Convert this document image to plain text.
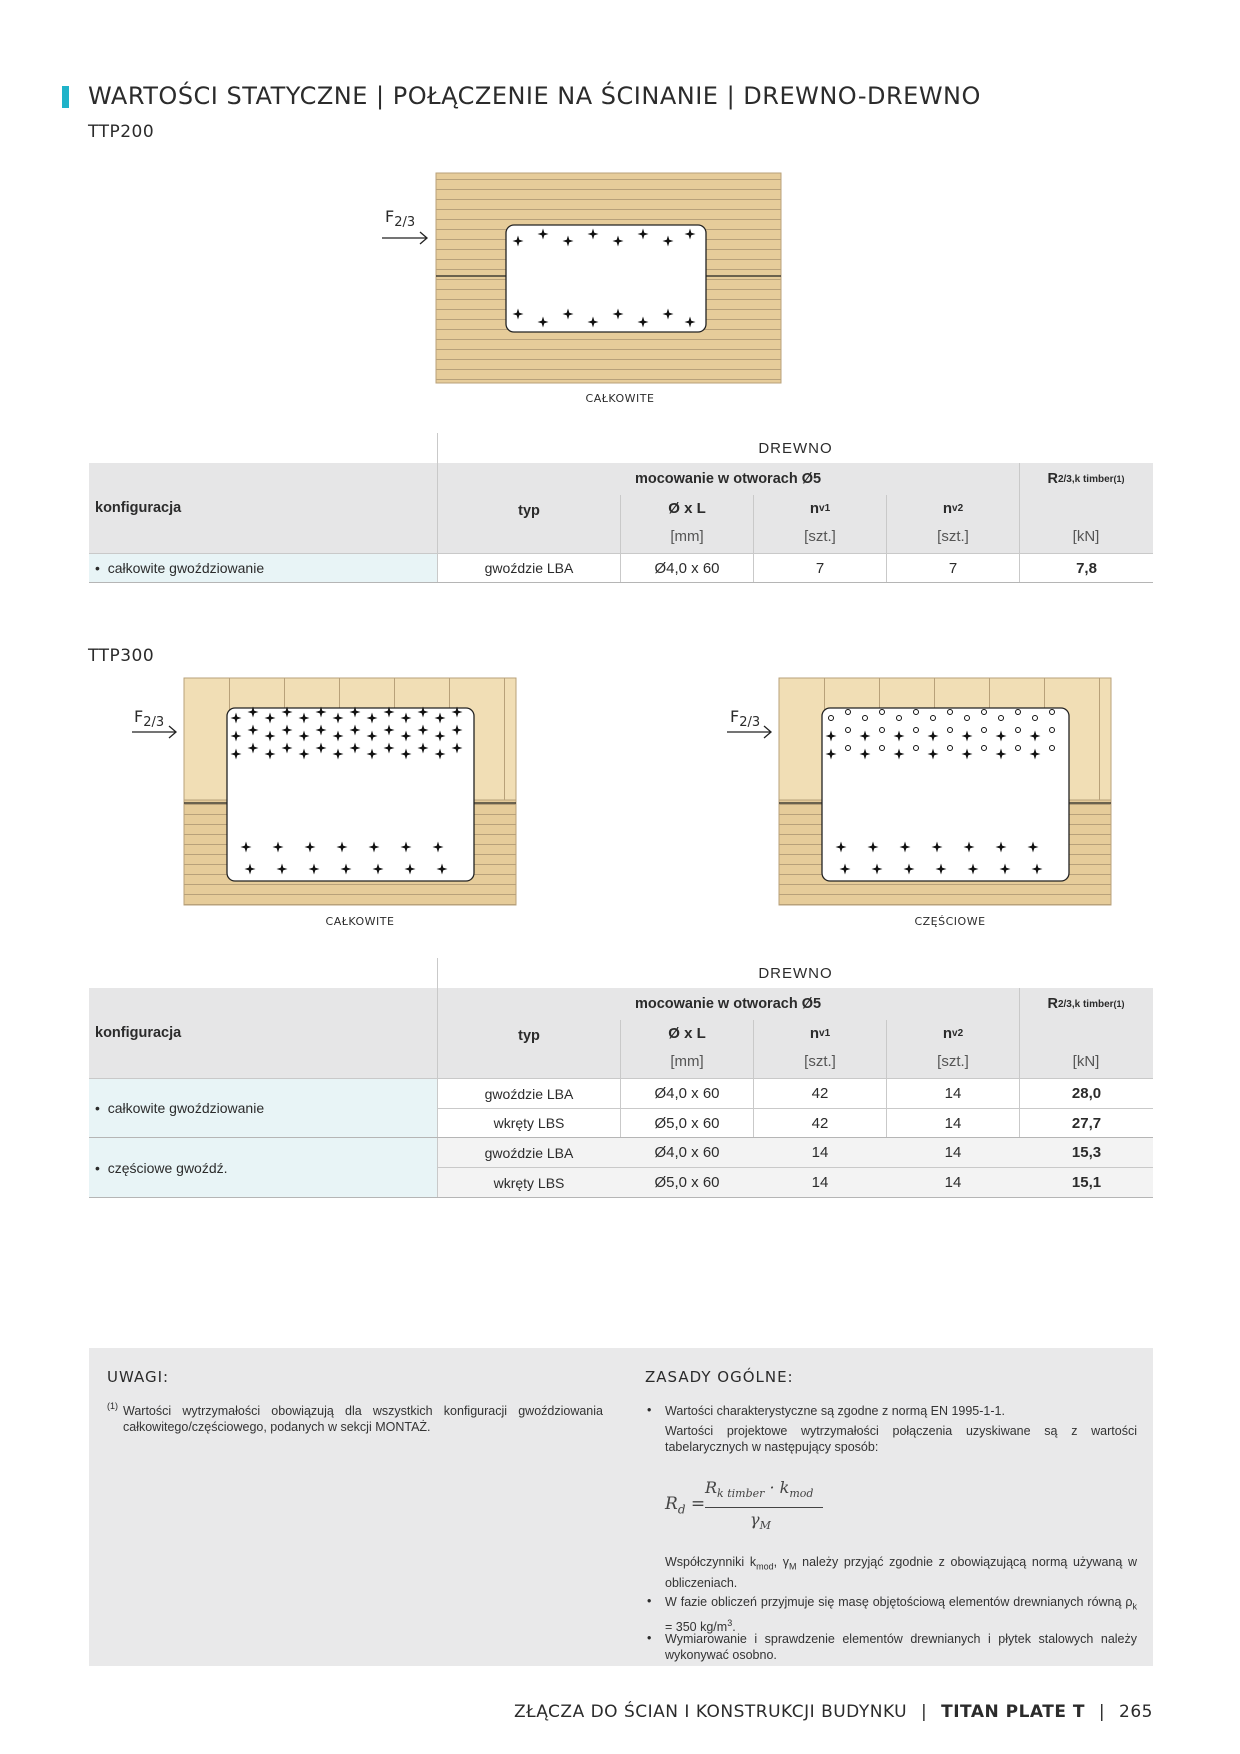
WARTOŚCI STATYCZNE | POŁĄCZENIE NA ŚCINANIE | DREWNO-DREWNO
TTP200
$F_{2/3}$
CAŁKOWITE
DREWNO
konfiguracja
mocowanie w otworach Ø5	R 2/3,k timber (1)
typ	Ø x L	n v1	n v2
[mm]	[szt.]	[szt.]	[kN]
• całkowite gwoździowanie	gwoździe LBA	Ø4,0 x 60	7	7	7,8
TTP300
$F_{2/3}$
CAŁKOWITE
$F_{2/3}$
CZĘŚCIOWE
DREWNO
konfiguracja
mocowanie w otworach Ø5	R 2/3,k timber (1)
typ	Ø x L	n v1	n v2
[mm]	[szt.]	[szt.]	[kN]
• całkowite gwoździowanie
gwoździe LBA	Ø4,0 x 60	42	14	28,0
wkręty LBS	Ø5,0 x 60	42	14	27,7
• częściowe gwoźdź.
gwoździe LBA	Ø4,0 x 60	14	14	15,3
wkręty LBS	Ø5,0 x 60	14	14	15,1
UWAGI:
(1) Wartości wytrzymałości obowiązują dla wszystkich konfiguracji gwoździowania całkowitego/częściowego, podanych w sekcji MONTAŻ.
ZASADY OGÓLNE:
• Wartości charakterystyczne są zgodne z normą EN 1995-1-1.
Wartości projektowe wytrzymałości połączenia uzyskiwane są z wartości tabelarycznych w następujący sposób:
$R_d$ =
$R_{k timber} \cdot k_{mod}$
$\gamma_M$
Współczynniki $k_{mod}$, $\gamma_M$ należy przyjąć zgodnie z obowiązującą normą używaną w obliczeniach.
• W fazie obliczeń przyjmuje się masę objętościową elementów drewnianych równą $\rho_k = 350$ $kg/m^3$.
• Wymiarowanie i sprawdzenie elementów drewnianych i płytek stalowych należy wykonywać osobno.
ZŁĄCZA DO ŚCIAN I KONSTRUKCJI BUDYNKU | TITAN PLATE T | 265
